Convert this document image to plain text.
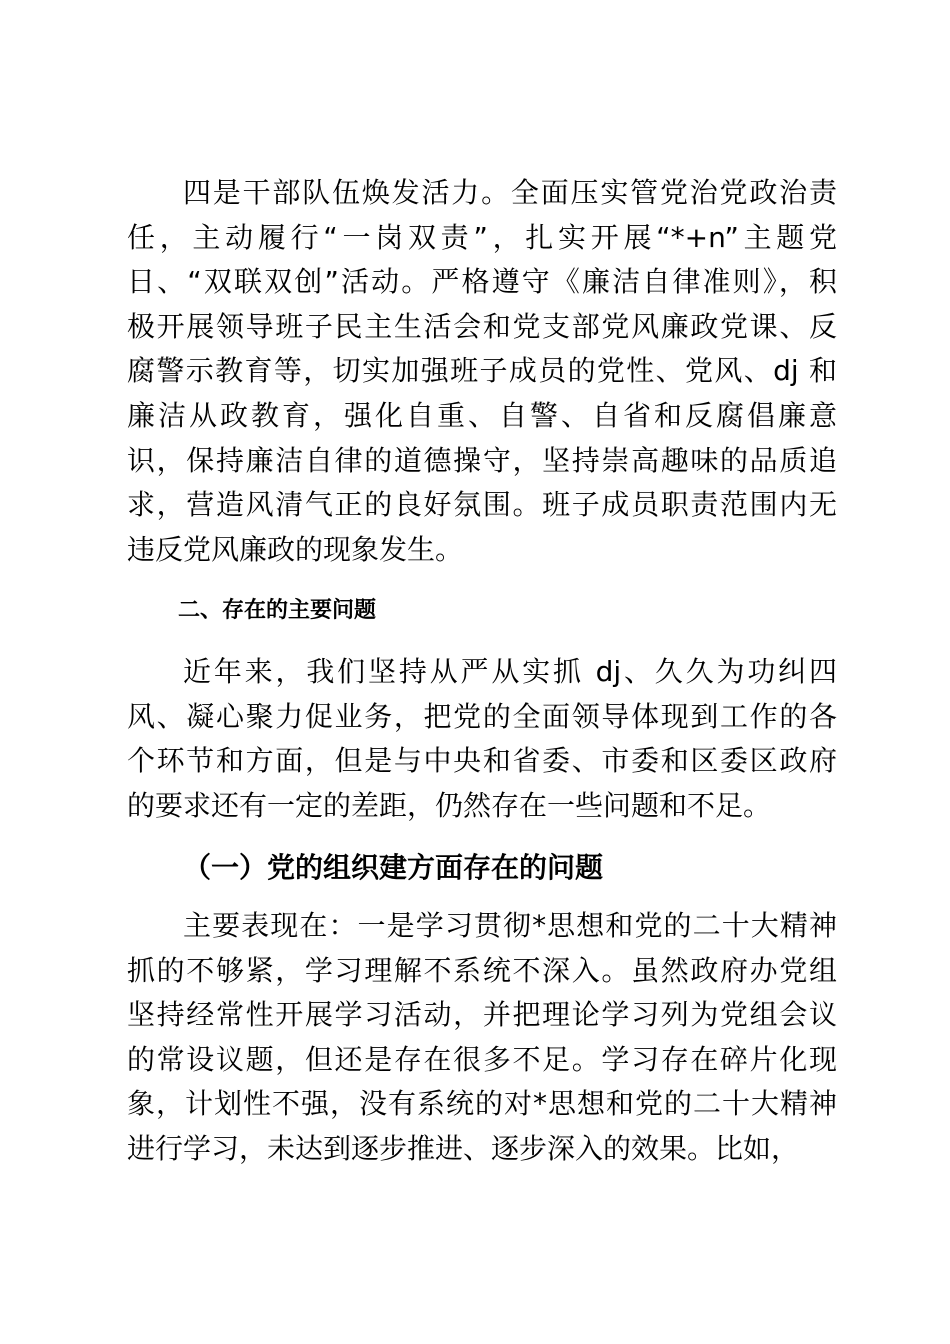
四是干部队伍焕发活力。全面压实管党治党政治责
任，主动履行“一岗双责”，扎实开展“*+n”主题党
日、“双联双创”活动。严格遵守《廉洁自律准则》，积
极开展领导班子民主生活会和党支部党风廉政党课、反
腐警示教育等，切实加强班子成员的党性、党风、dj 和
廉洁从政教育，强化自重、自警、自省和反腐倡廉意
识，保持廉洁自律的道德操守，坚持崇高趣味的品质追
求，营造风清气正的良好氛围。班子成员职责范围内无
违反党风廉政的现象发生。
二、存在的主要问题
近年来，我们坚持从严从实抓 dj、久久为功纠四
风、凝心聚力促业务，把党的全面领导体现到工作的各
个环节和方面，但是与中央和省委、市委和区委区政府
的要求还有一定的差距，仍然存在一些问题和不足。
（一）党的组织建方面存在的问题
主要表现在：一是学习贯彻*思想和党的二十大精神
抓的不够紧，学习理解不系统不深入。虽然政府办党组
坚持经常性开展学习活动，并把理论学习列为党组会议
的常设议题，但还是存在很多不足。学习存在碎片化现
象，计划性不强，没有系统的对*思想和党的二十大精神
进行学习，未达到逐步推进、逐步深入的效果。比如，
